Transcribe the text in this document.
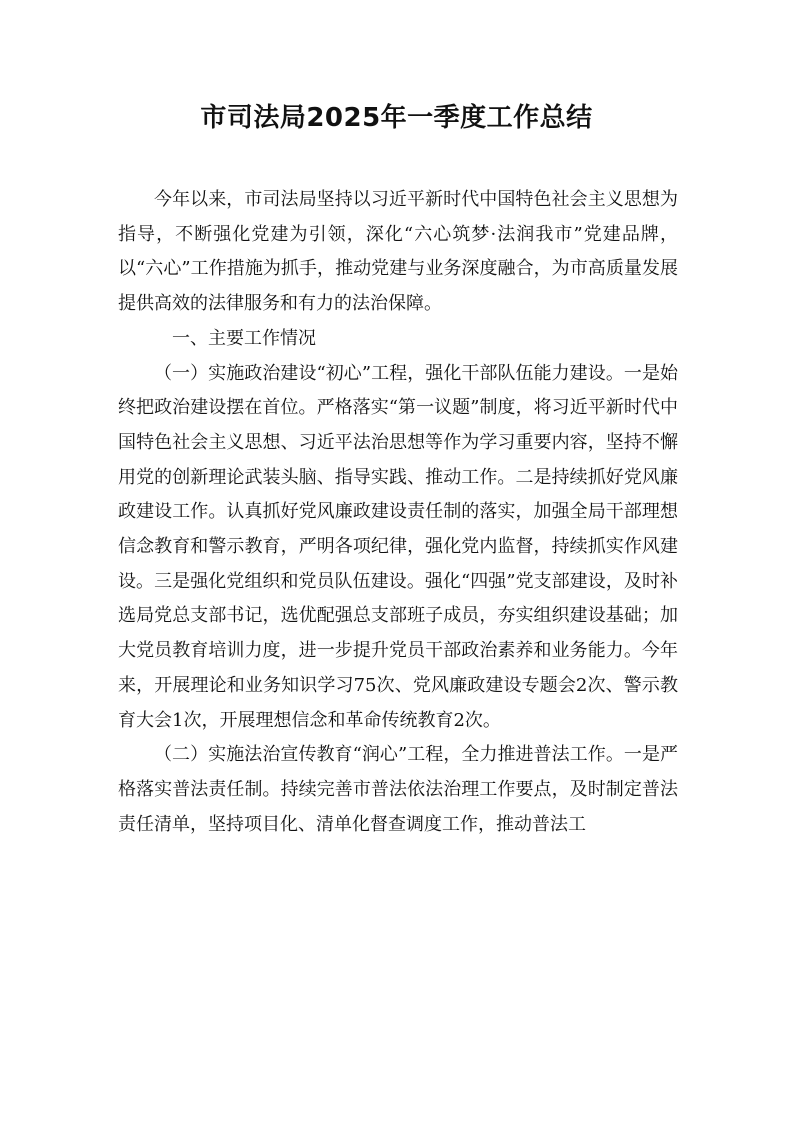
市司法局2025年一季度工作总结

今年以来，市司法局坚持以习近平新时代中国特色社会主义思想为指导，不断强化党建为引领，深化“六心筑梦·法润我市”党建品牌，以“六心”工作措施为抓手，推动党建与业务深度融合，为市高质量发展提供高效的法律服务和有力的法治保障。

一、主要工作情况

（一）实施政治建设“初心”工程，强化干部队伍能力建设。一是始终把政治建设摆在首位。严格落实“第一议题”制度，将习近平新时代中国特色社会主义思想、习近平法治思想等作为学习重要内容，坚持不懈用党的创新理论武装头脑、指导实践、推动工作。二是持续抓好党风廉政建设工作。认真抓好党风廉政建设责任制的落实，加强全局干部理想信念教育和警示教育，严明各项纪律，强化党内监督，持续抓实作风建设。三是强化党组织和党员队伍建设。强化“四强”党支部建设，及时补选局党总支部书记，选优配强总支部班子成员，夯实组织建设基础；加大党员教育培训力度，进一步提升党员干部政治素养和业务能力。今年来，开展理论和业务知识学习75次、党风廉政建设专题会2次、警示教育大会1次，开展理想信念和革命传统教育2次。

（二）实施法治宣传教育“润心”工程，全力推进普法工作。一是严格落实普法责任制。持续完善市普法依法治理工作要点，及时制定普法责任清单，坚持项目化、清单化督查调度工作，推动普法工
